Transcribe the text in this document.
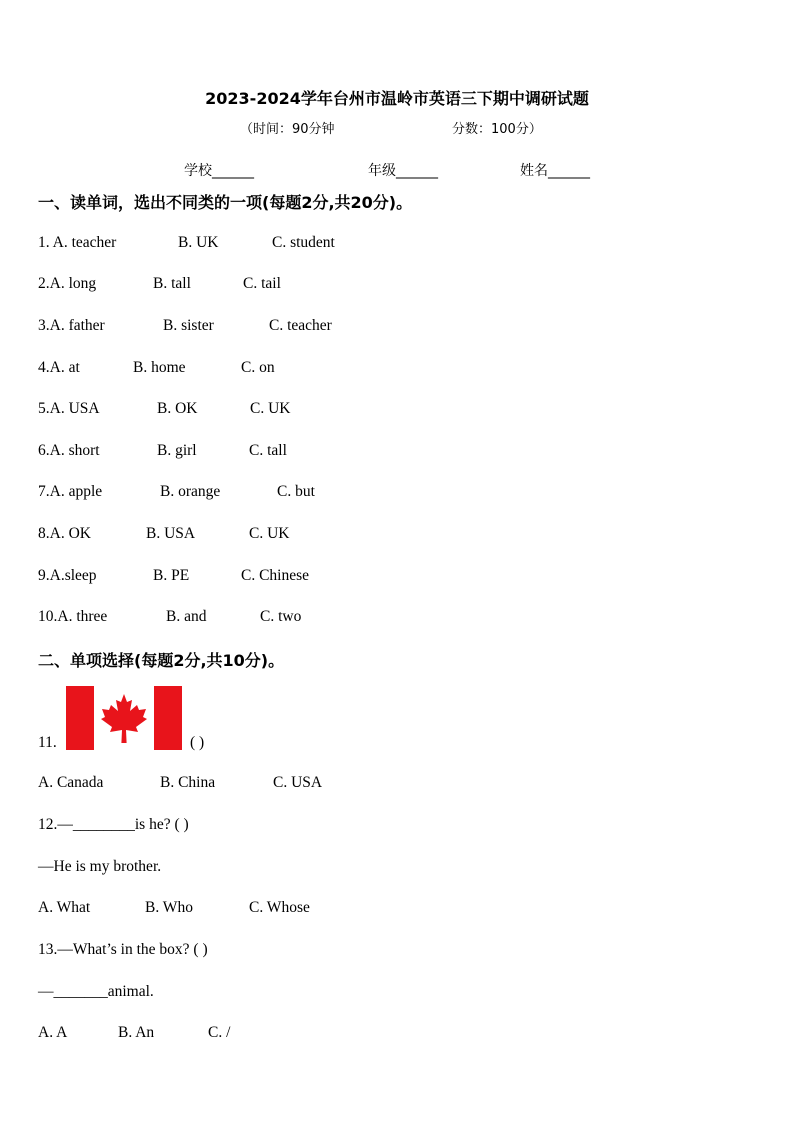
2023-2024学年台州市温岭市英语三下期中调研试题
（时间：90分钟	分数：100分）
学校______	年级______	姓名______
一、读单词，选出不同类的一项(每题2分,共20分)。
1. A. teacher	B. UK	C. student
2.A. long	B. tall	C. tail
3.A. father	B. sister	C. teacher
4.A. at	B. home	C. on
5.A. USA	B. OK	C. UK
6.A. short	B. girl	C. tall
7.A. apple	B. orange	C. but
8.A. OK	B. USA	C. UK
9.A.sleep	B. PE	C. Chinese
10.A. three	B. and	C. two
二、单项选择(每题2分,共10分)。
11.	( )
A. Canada	B. China	C. USA
12.—________is he? ( )
—He is my brother.
A. What	B. Who	C. Whose
13.—What’s in the box? ( )
—_______animal.
A. A	B. An	C. /
